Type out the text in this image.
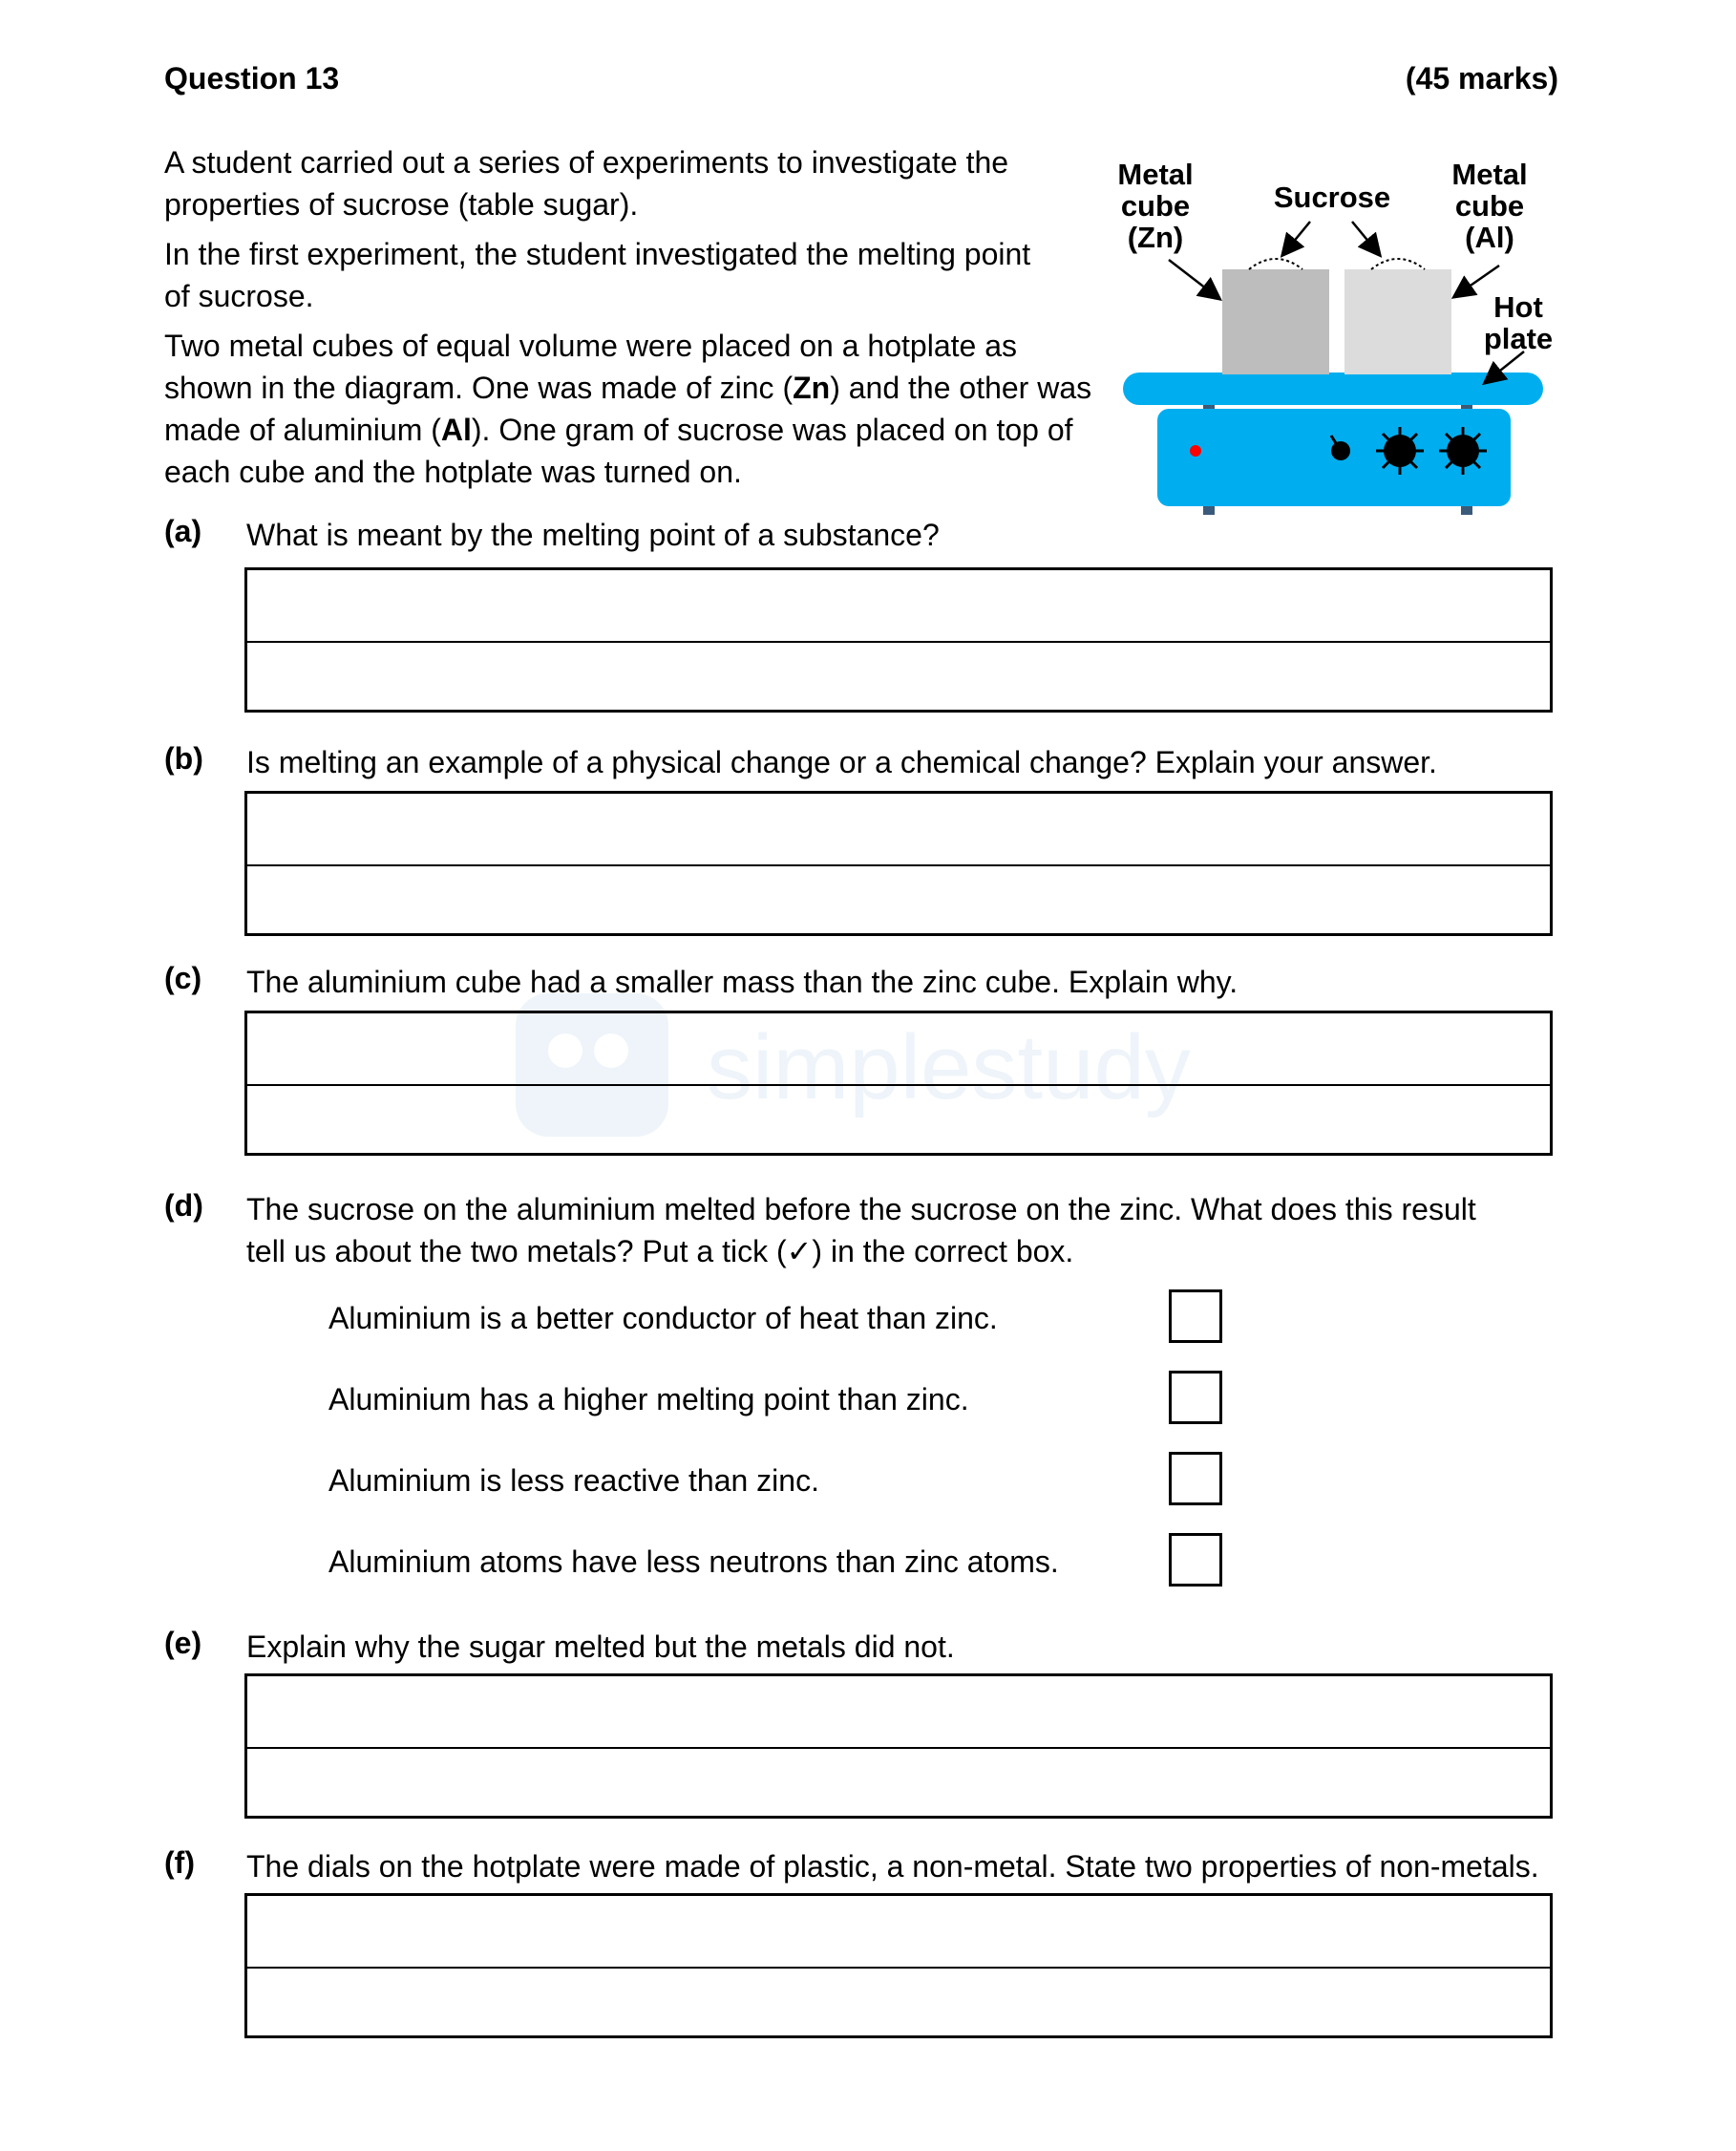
Question 13	(45 marks)

A student carried out a series of experiments to investigate the properties of sucrose (table sugar).

In the first experiment, the student investigated the melting point of sucrose.

Two metal cubes of equal volume were placed on a hotplate as shown in the diagram. One was made of zinc (Zn) and the other was made of aluminium (Al). One gram of sucrose was placed on top of each cube and the hotplate was turned on.

Metal
cube
(Zn)
Sucrose
Metal
cube
(Al)
Hot
plate
simplestudy
(a) What is meant by the melting point of a substance?
(b) Is melting an example of a physical change or a chemical change? Explain your answer.
(c) The aluminium cube had a smaller mass than the zinc cube. Explain why.
(d) The sucrose on the aluminium melted before the sucrose on the zinc. What does this result
tell us about the two metals? Put a tick (✓) in the correct box.
Aluminium is a better conductor of heat than zinc.
Aluminium has a higher melting point than zinc.
Aluminium is less reactive than zinc.
Aluminium atoms have less neutrons than zinc atoms.
(e) Explain why the sugar melted but the metals did not.
(f) The dials on the hotplate were made of plastic, a non-metal. State two properties of non-metals.
